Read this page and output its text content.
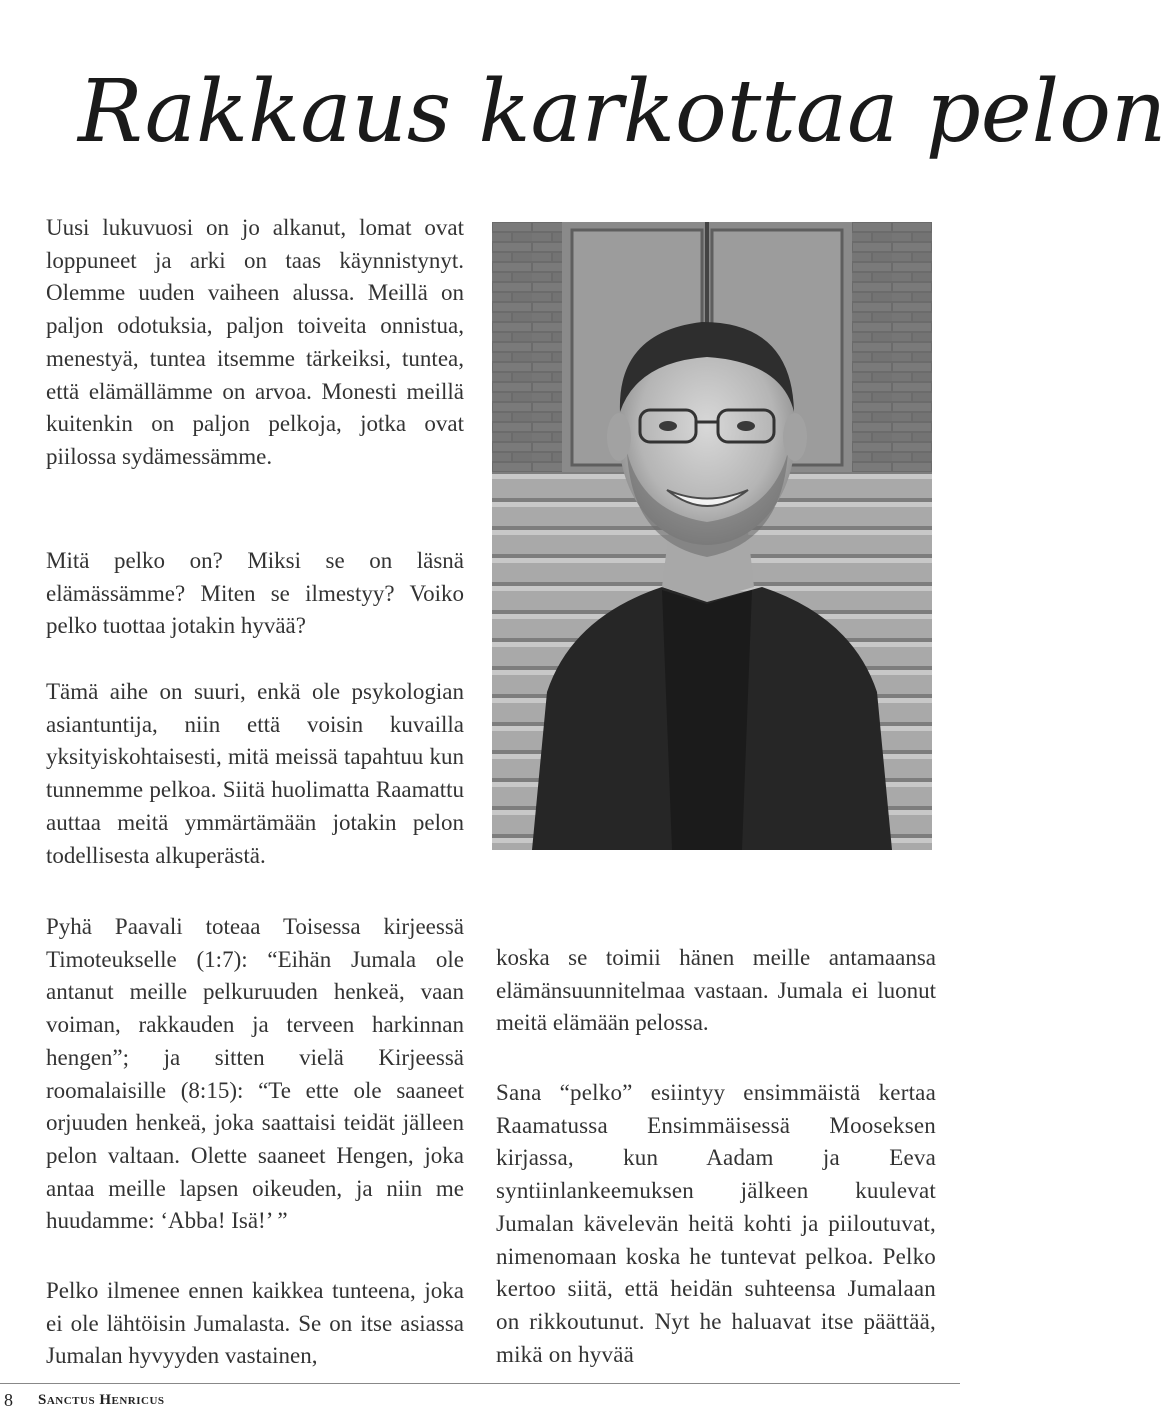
Rakkaus karkottaa pelon
Uusi lukuvuosi on jo alkanut, lomat ovat loppuneet ja arki on taas käynnistynyt. Olemme uuden vaiheen alussa. Meillä on paljon odotuksia, paljon toiveita onnistua, menestyä, tuntea itsemme tärkeiksi, tuntea, että elämällämme on arvoa. Monesti meillä kuitenkin on paljon pelkoja, jotka ovat piilossa sydämessämme.
Mitä pelko on? Miksi se on läsnä elämässämme? Miten se ilmestyy? Voiko pelko tuottaa jotakin hyvää?
Tämä aihe on suuri, enkä ole psykologian asiantuntija, niin että voisin kuvailla yksityiskohtaisesti, mitä meissä tapahtuu kun tunnemme pelkoa. Siitä huolimatta Raamattu auttaa meitä ymmärtämään jotakin pelon todellisesta alkuperästä.
Pyhä Paavali toteaa Toisessa kirjeessä Timoteukselle (1:7): “Eihän Jumala ole antanut meille pelkuruuden henkeä, vaan voiman, rakkauden ja terveen harkinnan hengen”; ja sitten vielä Kirjeessä roomalaisille (8:15): “Te ette ole saaneet orjuuden henkeä, joka saattaisi teidät jälleen pelon valtaan. Olette saaneet Hengen, joka antaa meille lapsen oikeuden, ja niin me huudamme: ‘Abba! Isä!’ ”
Pelko ilmenee ennen kaikkea tunteena, joka ei ole lähtöisin Jumalasta. Se on itse asiassa Jumalan hyvyyden vastainen,
koska se toimii hänen meille antamaansa elämänsuunnitelmaa vastaan. Jumala ei luonut meitä elämään pelossa.
Sana “pelko” esiintyy ensimmäistä kertaa Raamatussa Ensimmäisessä Mooseksen kirjassa, kun Aadam ja Eeva syntiinlankeemuksen jälkeen kuulevat Jumalan kävelevän heitä kohti ja piiloutuvat, nimenomaan koska he tuntevat pelkoa. Pelko kertoo siitä, että heidän suhteensa Jumalaan on rikkoutunut. Nyt he haluavat itse päättää, mikä on hyvää
8 Sanctus Henricus
